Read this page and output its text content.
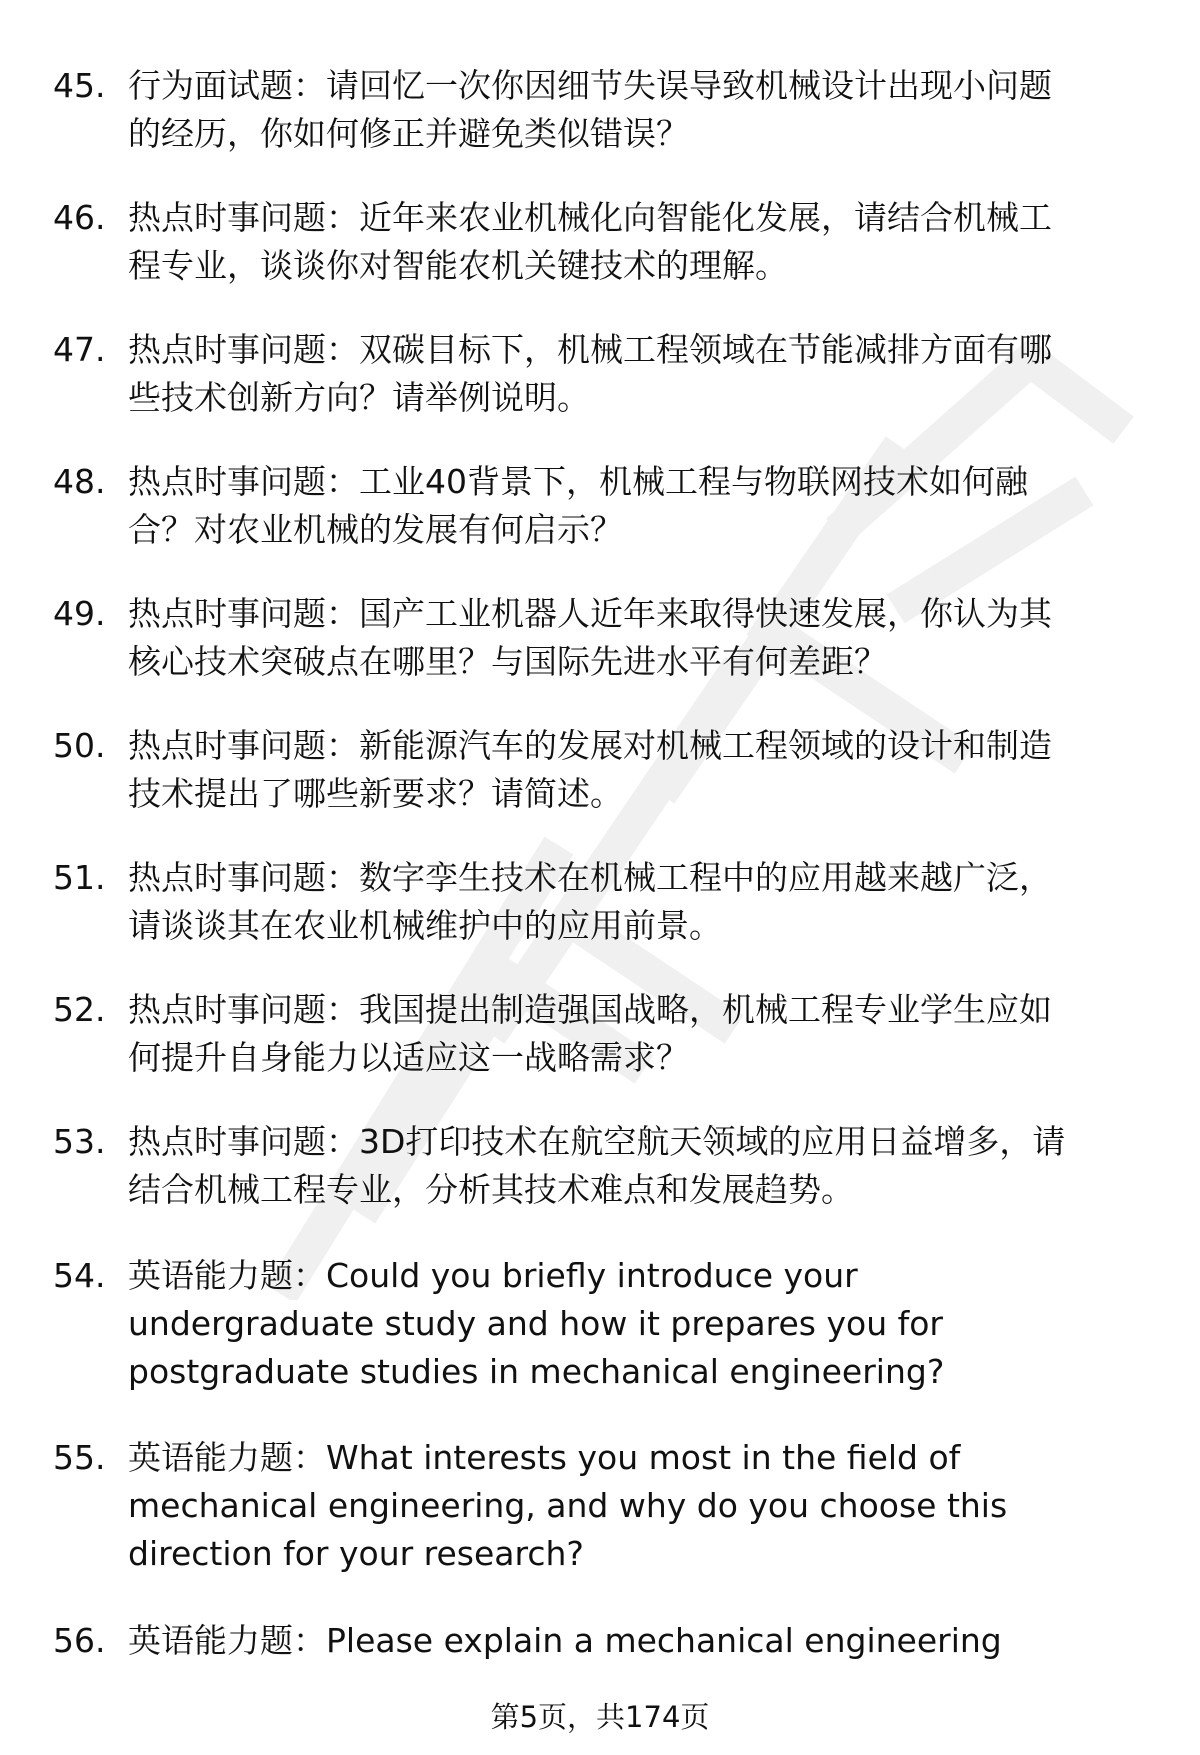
45. 行为面试题：请回忆一次你因细节失误导致机械设计出现小问题
的经历，你如何修正并避免类似错误？
46. 热点时事问题：近年来农业机械化向智能化发展，请结合机械工
程专业，谈谈你对智能农机关键技术的理解。
47. 热点时事问题：双碳目标下，机械工程领域在节能减排方面有哪
些技术创新方向？请举例说明。
48. 热点时事问题：工业40背景下，机械工程与物联网技术如何融
合？对农业机械的发展有何启示？
49. 热点时事问题：国产工业机器人近年来取得快速发展，你认为其
核心技术突破点在哪里？与国际先进水平有何差距？
50. 热点时事问题：新能源汽车的发展对机械工程领域的设计和制造
技术提出了哪些新要求？请简述。
51. 热点时事问题：数字孪生技术在机械工程中的应用越来越广泛，
请谈谈其在农业机械维护中的应用前景。
52. 热点时事问题：我国提出制造强国战略，机械工程专业学生应如
何提升自身能力以适应这一战略需求？
53. 热点时事问题：3D打印技术在航空航天领域的应用日益增多，请
结合机械工程专业，分析其技术难点和发展趋势。
54. 英语能力题：Could you briefly introduce your
undergraduate study and how it prepares you for
postgraduate studies in mechanical engineering?
55. 英语能力题：What interests you most in the field of
mechanical engineering, and why do you choose this
direction for your research?
56. 英语能力题：Please explain a mechanical engineering
第5页，共174页
